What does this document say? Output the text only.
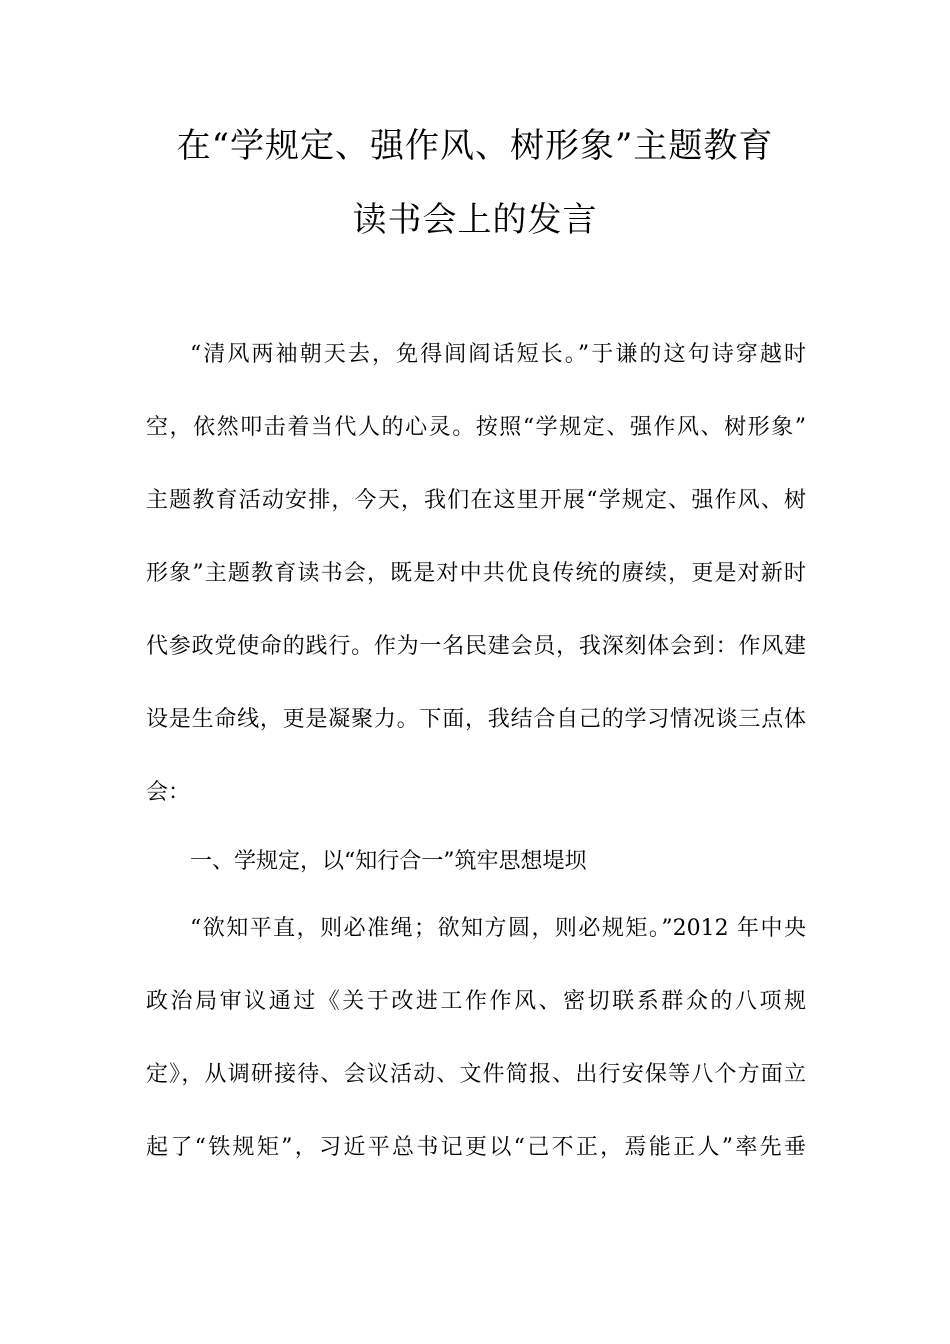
在“学规定、强作风、树形象”主题教育
读书会上的发言
“清风两袖朝天去，免得闾阎话短长。”于谦的这句诗穿越时
空，依然叩击着当代人的心灵。按照“学规定、强作风、树形象”
主题教育活动安排，今天，我们在这里开展“学规定、强作风、树
形象”主题教育读书会，既是对中共优良传统的赓续，更是对新时
代参政党使命的践行。作为一名民建会员，我深刻体会到：作风建
设是生命线，更是凝聚力。下面，我结合自己的学习情况谈三点体
会：
一、学规定，以“知行合一”筑牢思想堤坝
“欲知平直，则必准绳；欲知方圆，则必规矩。”2012 年中央
政治局审议通过《关于改进工作作风、密切联系群众的八项规
定》，从调研接待、会议活动、文件简报、出行安保等八个方面立
起了“铁规矩”，习近平总书记更以“己不正，焉能正人”率先垂
